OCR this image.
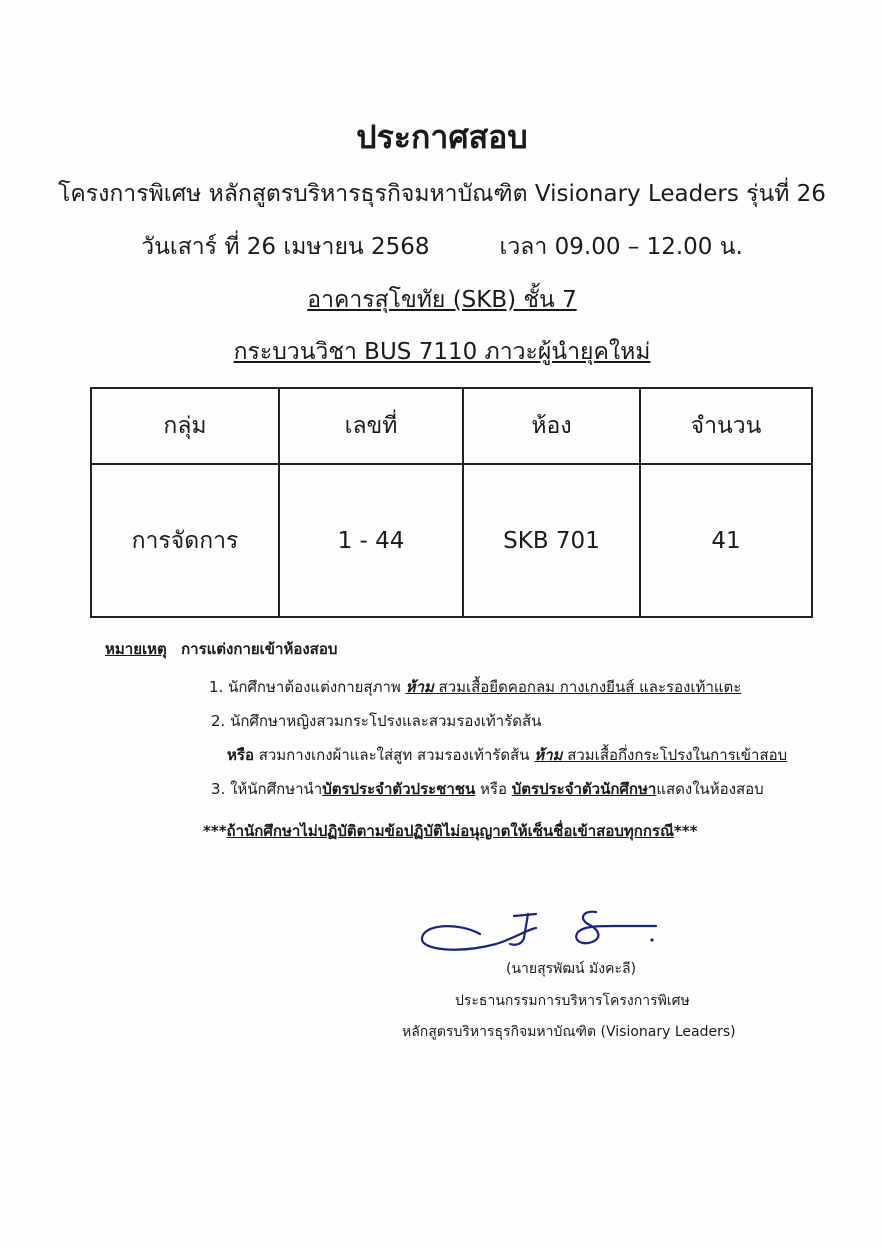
ประกาศสอบ
โครงการพิเศษ หลักสูตรบริหารธุรกิจมหาบัณฑิต Visionary Leaders รุ่นที่ 26
วันเสาร์ ที่ 26 เมษายน 2568	เวลา 09.00 – 12.00 น.
อาคารสุโขทัย (SKB) ชั้น 7
กระบวนวิชา BUS 7110 ภาวะผู้นำยุคใหม่
กลุ่ม	เลขที่	ห้อง	จำนวน
การจัดการ	1 - 44	SKB 701	41
หมายเหตุ การแต่งกายเข้าห้องสอบ
1. นักศึกษาต้องแต่งกายสุภาพ ห้าม สวมเสื้อยืดคอกลม กางเกงยีนส์ และรองเท้าแตะ
2. นักศึกษาหญิงสวมกระโปรงและสวมรองเท้ารัดส้น
หรือ สวมกางเกงผ้าและใส่สูท สวมรองเท้ารัดส้น ห้าม สวมเสื้อกึ่งกระโปรงในการเข้าสอบ
3. ให้นักศึกษานำบัตรประจำตัวประชาชน หรือ บัตรประจำตัวนักศึกษาแสดงในห้องสอบ
***ถ้านักศึกษาไม่ปฏิบัติตามข้อปฏิบัติไม่อนุญาตให้เซ็นชื่อเข้าสอบทุกกรณี***
(นายสุรพัฒน์ มังคะลี)
ประธานกรรมการบริหารโครงการพิเศษ
หลักสูตรบริหารธุรกิจมหาบัณฑิต (Visionary Leaders)
